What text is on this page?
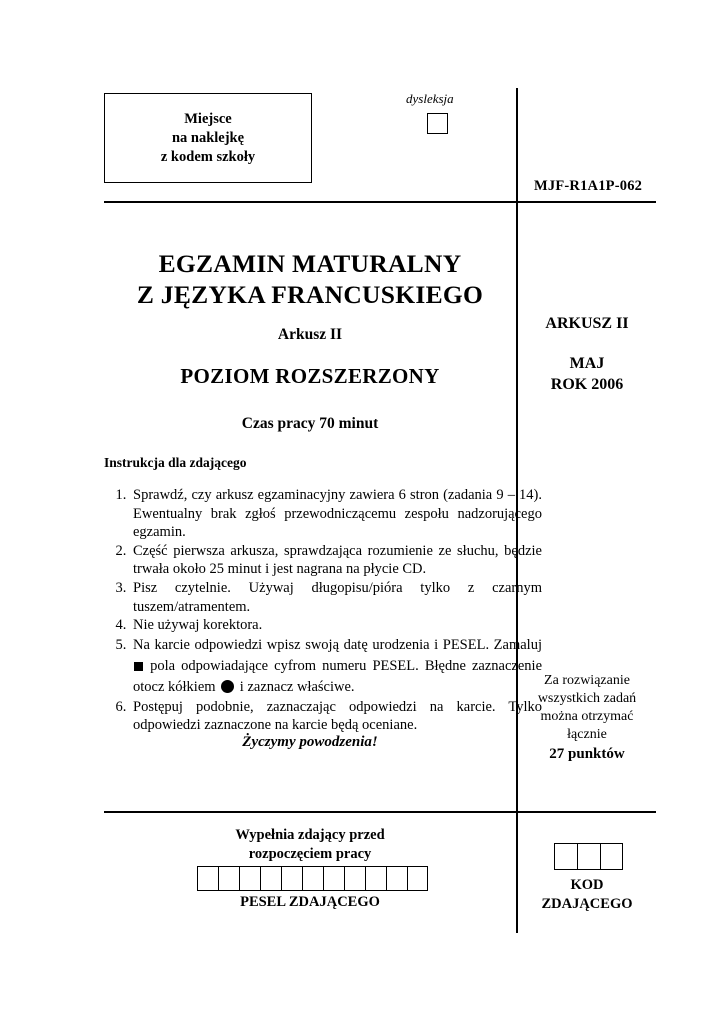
Miejsce
na naklejkę
z kodem szkoły
dysleksja
MJF-R1A1P-062
EGZAMIN MATURALNY
Z JĘZYKA FRANCUSKIEGO
Arkusz II
POZIOM ROZSZERZONY
Czas pracy 70 minut
ARKUSZ II
MAJ
ROK 2006
Instrukcja dla zdającego
1. Sprawdź, czy arkusz egzaminacyjny zawiera 6 stron (zadania 9 – 14). Ewentualny brak zgłoś przewodniczącemu zespołu nadzorującego egzamin.
2. Część pierwsza arkusza, sprawdzająca rozumienie ze słuchu, będzie trwała około 25 minut i jest nagrana na płycie CD.
3. Pisz czytelnie. Używaj długopisu/pióra tylko z czarnym tuszem/atramentem.
4. Nie używaj korektora.
5. Na karcie odpowiedzi wpisz swoją datę urodzenia i PESEL. Zamaluj  pola odpowiadające cyfrom numeru PESEL. Błędne zaznaczenie otocz kółkiem i zaznacz właściwe.
6. Postępuj podobnie, zaznaczając odpowiedzi na karcie. Tylko odpowiedzi zaznaczone na karcie będą oceniane.
Życzymy powodzenia!
Za rozwiązanie
wszystkich zadań
można otrzymać
łącznie
27 punktów
Wypełnia zdający przed
rozpoczęciem pracy
PESEL ZDAJĄCEGO
KOD
ZDAJĄCEGO
